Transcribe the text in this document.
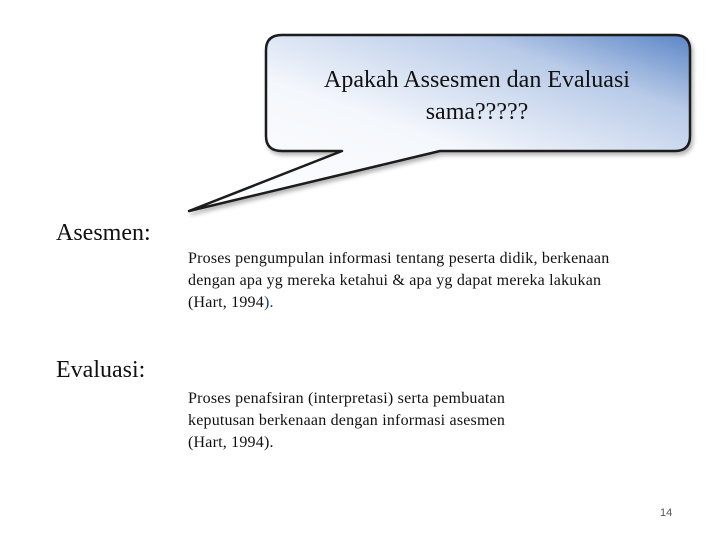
Apakah Assesmen dan Evaluasi
sama?????
Asesmen:
Proses pengumpulan informasi tentang peserta didik, berkenaan dengan apa yg mereka ketahui & apa yg dapat mereka lakukan (Hart, 1994).
Evaluasi:
Proses penafsiran (interpretasi) serta pembuatan
keputusan berkenaan dengan informasi asesmen
(Hart, 1994).
14
